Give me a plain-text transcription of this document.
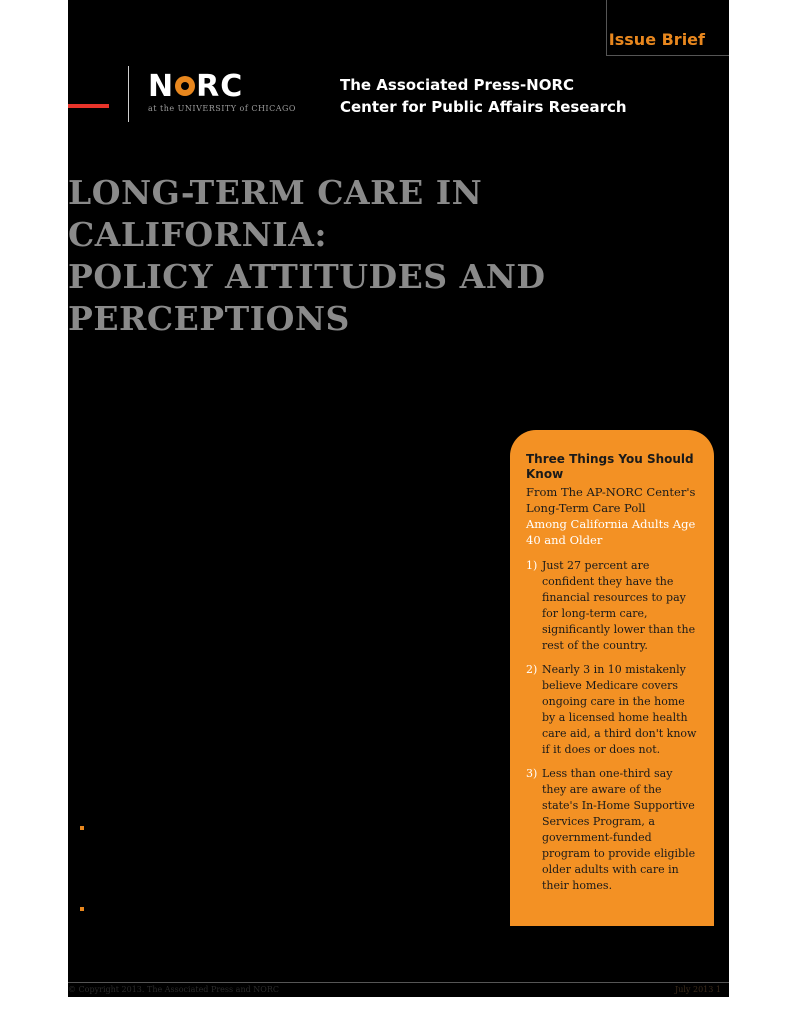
Issue Brief
N RC
at the UNIVERSITY of CHICAGO
The Associated Press-NORC
Center for Public Affairs Research
LONG-TERM CARE IN CALIFORNIA:
POLICY ATTITUDES AND
PERCEPTIONS
Three Things You Should Know
From The AP-NORC Center's Long-Term Care Poll
Among California Adults Age 40 and Older
1) Just 27 percent are confident they have the financial resources to pay for long-term care, significantly lower than the rest of the country.
2) Nearly 3 in 10 mistakenly believe Medicare covers ongoing care in the home by a licensed home health care aid, a third don't know if it does or does not.
3) Less than one-third say they are aware of the state's In-Home Supportive Services Program, a government-funded program to provide eligible older adults with care in their homes.
© Copyright 2013. The Associated Press and NORC	July 2013 1
